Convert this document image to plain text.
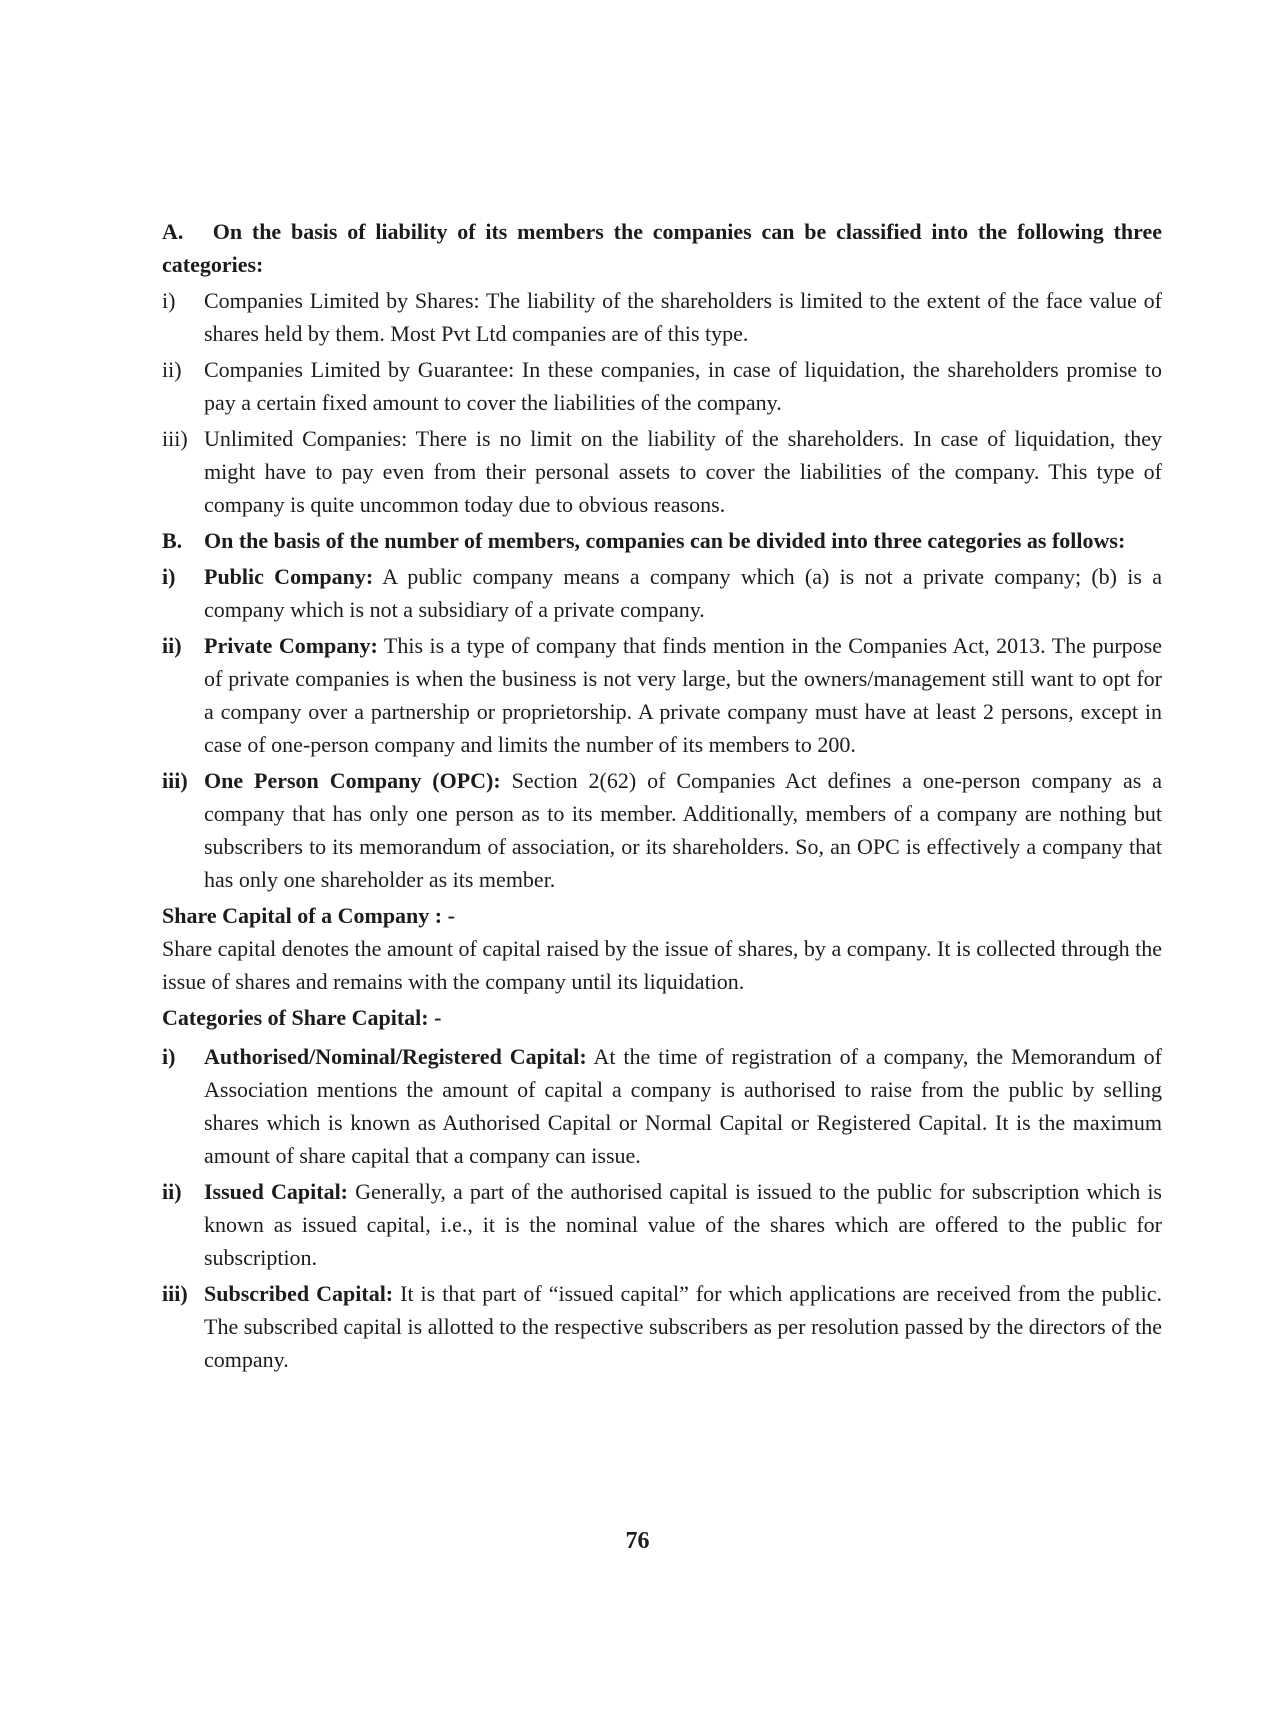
A. On the basis of liability of its members the companies can be classified into the following three categories:

i)	Companies Limited by Shares: The liability of the shareholders is limited to the extent of the face value of shares held by them. Most Pvt Ltd companies are of this type.
ii)	Companies Limited by Guarantee: In these companies, in case of liquidation, the shareholders promise to pay a certain fixed amount to cover the liabilities of the company.
iii) Unlimited Companies: There is no limit on the liability of the shareholders. In case of liquidation, they might have to pay even from their personal assets to cover the liabilities of the company. This type of company is quite uncommon today due to obvious reasons.
B. On the basis of the number of members, companies can be divided into three categories as follows:
i)	Public Company: A public company means a company which (a) is not a private company; (b) is a company which is not a subsidiary of a private company.
ii)	Private Company: This is a type of company that finds mention in the Companies Act, 2013. The purpose of private companies is when the business is not very large, but the owners/management still want to opt for a company over a partnership or proprietorship. A private company must have at least 2 persons, except in case of one-person company and limits the number of its members to 200.
iii) One Person Company (OPC): Section 2(62) of Companies Act defines a one-person company as a company that has only one person as to its member. Additionally, members of a company are nothing but subscribers to its memorandum of association, or its shareholders. So, an OPC is effectively a company that has only one shareholder as its member.

Share Capital of a Company : -

Share capital denotes the amount of capital raised by the issue of shares, by a company. It is collected through the issue of shares and remains with the company until its liquidation.

Categories of Share Capital: -

i)	Authorised/Nominal/Registered Capital: At the time of registration of a company, the Memorandum of Association mentions the amount of capital a company is authorised to raise from the public by selling shares which is known as Authorised Capital or Normal Capital or Registered Capital. It is the maximum amount of share capital that a company can issue.
ii)	Issued Capital: Generally, a part of the authorised capital is issued to the public for subscription which is known as issued capital, i.e., it is the nominal value of the shares which are offered to the public for subscription.
iii) Subscribed Capital: It is that part of “issued capital” for which applications are received from the public. The subscribed capital is allotted to the respective subscribers as per resolution passed by the directors of the company.
76
